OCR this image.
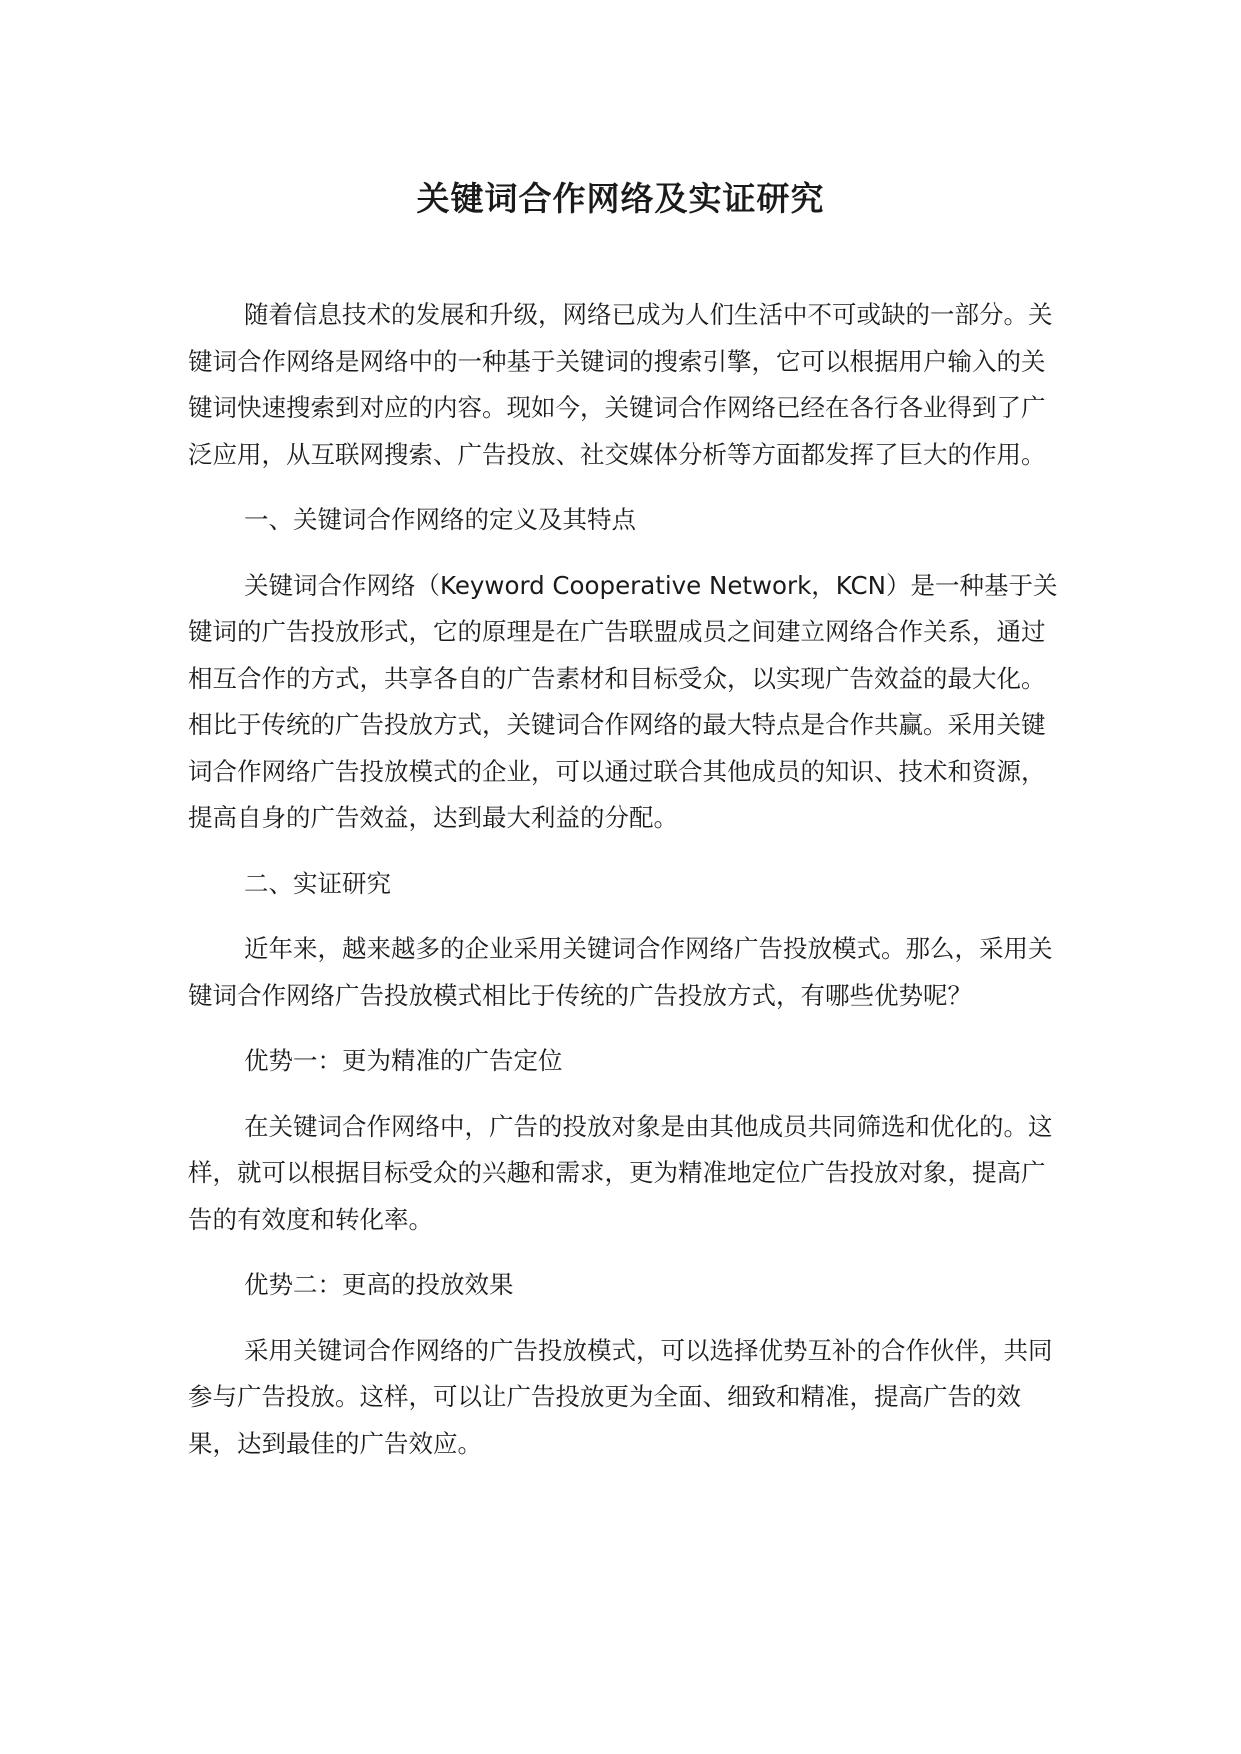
关键词合作网络及实证研究

随着信息技术的发展和升级，网络已成为人们生活中不可或缺的一部分。关键词合作网络是网络中的一种基于关键词的搜索引擎，它可以根据用户输入的关键词快速搜索到对应的内容。现如今，关键词合作网络已经在各行各业得到了广泛应用，从互联网搜索、广告投放、社交媒体分析等方面都发挥了巨大的作用。

一、关键词合作网络的定义及其特点

关键词合作网络（Keyword Cooperative Network，KCN）是一种基于关键词的广告投放形式，它的原理是在广告联盟成员之间建立网络合作关系，通过相互合作的方式，共享各自的广告素材和目标受众，以实现广告效益的最大化。 相比于传统的广告投放方式，关键词合作网络的最大特点是合作共赢。采用关键词合作网络广告投放模式的企业，可以通过联合其他成员的知识、技术和资源，提高自身的广告效益，达到最大利益的分配。

二、实证研究

近年来，越来越多的企业采用关键词合作网络广告投放模式。那么，采用关键词合作网络广告投放模式相比于传统的广告投放方式，有哪些优势呢？

优势一：更为精准的广告定位

在关键词合作网络中，广告的投放对象是由其他成员共同筛选和优化的。这样，就可以根据目标受众的兴趣和需求，更为精准地定位广告投放对象，提高广告的有效度和转化率。

优势二：更高的投放效果

采用关键词合作网络的广告投放模式，可以选择优势互补的合作伙伴，共同参与广告投放。这样，可以让广告投放更为全面、细致和精准，提高广告的效果，达到最佳的广告效应。
